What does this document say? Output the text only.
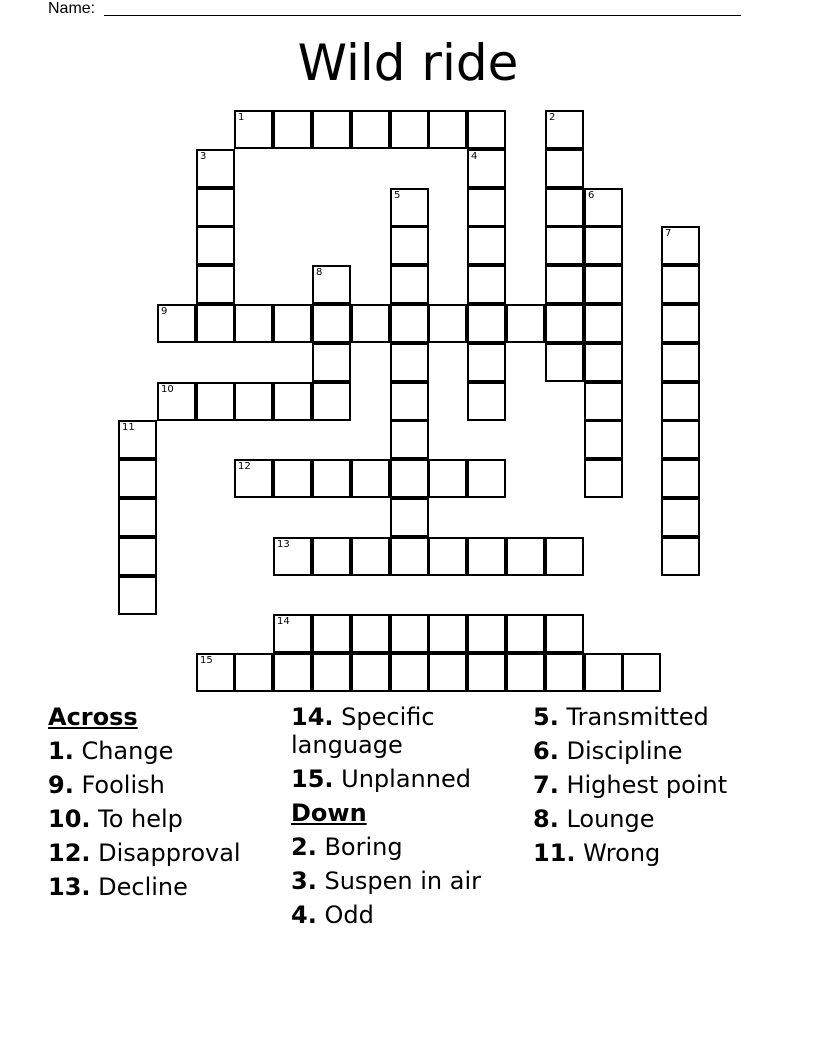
Name:
Wild ride
1	2
3	4
5	6
7
8
9
10
11
12
13
14
15
Across
1. Change
9. Foolish
10. To help
12. Disapproval
13. Decline
14. Specific language
15. Unplanned
Down
2. Boring
3. Suspen in air
4. Odd
5. Transmitted
6. Discipline
7. Highest point
8. Lounge
11. Wrong
